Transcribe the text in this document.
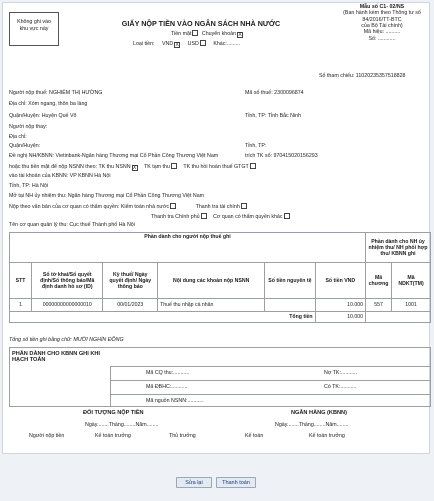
Không ghi vào
khu vực này
Mẫu số C1- 02/NS
(Ban hành kèm theo Thông tư số
84/2016/TT-BTC
của Bộ Tài chính)
Mã hiệu: ..........
Số: ............
GIẤY NỘP TIỀN VÀO NGÂN SÁCH NHÀ NƯỚC
Tiền mặt Chuyển khoản X
Loại tiền: VND X USD	Khác:.........
Số tham chiếu: 11020235357518828
Người nộp thuế: NGHIÊM THỊ HƯỜNG	Mã số thuế: 2300096874
Địa chỉ: Xóm ngang, thôn ba làng
Quận/Huyện: Huyện Quế Võ	Tỉnh, TP: Tỉnh Bắc Ninh
Người nộp thay:
Địa chỉ:
Quận/Huyện:	Tỉnh, TP:
Đề nghị NH/KBNN: Vietinbank-Ngân hàng Thương mại Cổ Phần Công Thương Việt Nam	trích TK số: 970415020156293
hoặc thu tiền mặt để nộp NSNN theo: TK thu NSNN X TK tạm thu	TK thu hồi hoàn thuế GTGT
vào tài khoản của KBNN: VP KBNN Hà Nội
Tỉnh, TP: Hà Nội
Mở tại NH ủy nhiệm thu: Ngân hàng Thương mại Cổ Phần Công Thương Việt Nam
Nộp theo văn bản của cơ quan có thẩm quyền: Kiểm toán nhà nước	Thanh tra tài chính
Thanh tra Chính phủ	Cơ quan có thẩm quyền khác
Tên cơ quan quản lý thu: Cục thuế Thành phố Hà Nội
Phần dành cho người nộp thuế ghi						Phần dành cho NH ủy nhiệm thu/ NH phối hợp thu/ KBNN ghi	
STT	Số tờ khai/Số quyết định/Số thông báo/Mã định danh hồ sơ (ID)	Kỳ thuế/ Ngày quyết định/ Ngày thông báo	Nội dung các khoản nộp NSNN	Số tiền nguyên tệ	Số tiền VND	Mã chương	Mã NDKT(TM)
1	00000000000000010	00/01/2023	Thuế thu nhập cá nhân		10.000	557	1001
Tổng tiền					10.000		
Tổng số tiền ghi bằng chữ: MƯỜI NGHÌN ĐỒNG
PHẦN DÀNH CHO KBNN GHI KHI HẠCH TOÁN
Mã CQ thu:...........
Mã ĐBHC:...........
Mã nguồn NSNN:...........
Nợ TK:...........
Có TK:...........
ĐỐI TƯỢNG NỘP TIỀN
Ngày........Tháng........Năm........
Người nộp tiền	Kế toán trưởng	Thủ trưởng
NGÂN HÀNG (KBNN)
Ngày........Tháng........Năm........
Kế toán	Kế toán trưởng
Sửa lại	Thanh toán
